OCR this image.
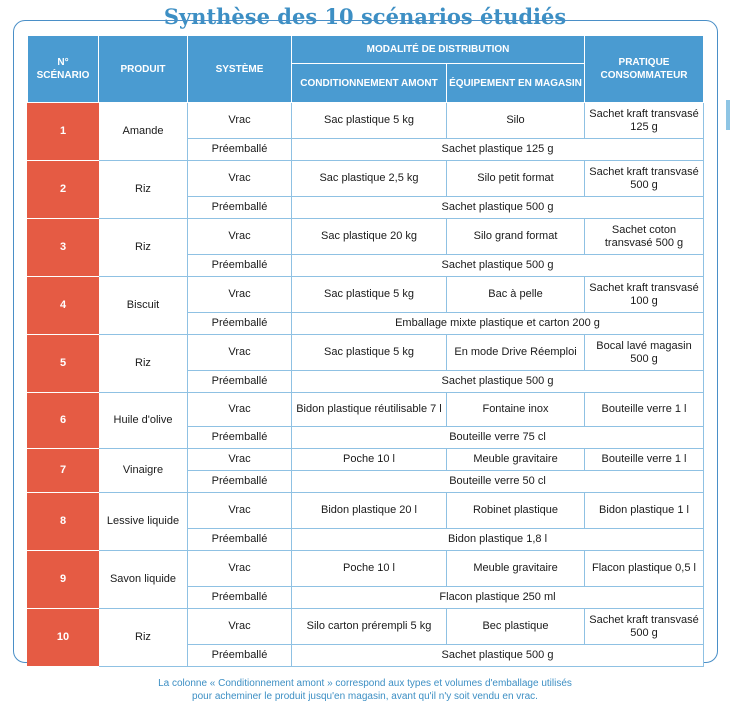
Synthèse des 10 scénarios étudiés
N° SCÉNARIO	PRODUIT	SYSTÈME	MODALITÉ DE DISTRIBUTION		PRATIQUE CONSOMMATEUR
			CONDITIONNEMENT AMONT	ÉQUIPEMENT EN MAGASIN	
1	Amande	Vrac	Sac plastique 5 kg	Silo	Sachet kraft transvasé 125 g
		Préemballé	Sachet plastique 125 g		
2	Riz	Vrac	Sac plastique 2,5 kg	Silo petit format	Sachet kraft transvasé 500 g
		Préemballé	Sachet plastique 500 g		
3	Riz	Vrac	Sac plastique 20 kg	Silo grand format	Sachet coton transvasé 500 g
		Préemballé	Sachet plastique 500 g		
4	Biscuit	Vrac	Sac plastique 5 kg	Bac à pelle	Sachet kraft transvasé 100 g
		Préemballé	Emballage mixte plastique et carton 200 g		
5	Riz	Vrac	Sac plastique 5 kg	En mode Drive Réemploi	Bocal lavé magasin 500 g
		Préemballé	Sachet plastique 500 g		
6	Huile d'olive	Vrac	Bidon plastique réutilisable 7 l	Fontaine inox	Bouteille verre 1 l
		Préemballé	Bouteille verre 75 cl		
7	Vinaigre	Vrac	Poche 10 l	Meuble gravitaire	Bouteille verre 1 l
		Préemballé	Bouteille verre 50 cl		
8	Lessive liquide	Vrac	Bidon plastique 20 l	Robinet plastique	Bidon plastique 1 l
		Préemballé	Bidon plastique 1,8 l		
9	Savon liquide	Vrac	Poche 10 l	Meuble gravitaire	Flacon plastique 0,5 l
		Préemballé	Flacon plastique 250 ml		
10	Riz	Vrac	Silo carton prérempli 5 kg	Bec plastique	Sachet kraft transvasé 500 g
		Préemballé	Sachet plastique 500 g		

La colonne « Conditionnement amont » correspond aux types et volumes d'emballage utilisés
pour acheminer le produit jusqu'en magasin, avant qu'il n'y soit vendu en vrac.
